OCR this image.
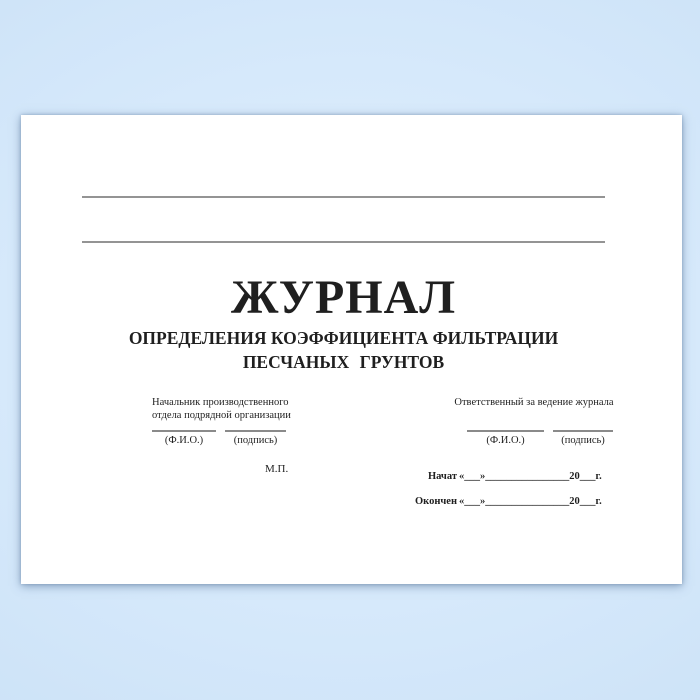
ЖУРНАЛ
ОПРЕДЕЛЕНИЯ КОЭФФИЦИЕНТА ФИЛЬТРАЦИИ
ПЕСЧАНЫХ ГРУНТОВ
Начальник производственного
отдела подрядной организации
(Ф.И.О.)	(подпись)
Ответственный за ведение журнала
(Ф.И.О.)	(подпись)
М.П.
Начат «___»________________20___г.
Окончен «___»________________20___г.
